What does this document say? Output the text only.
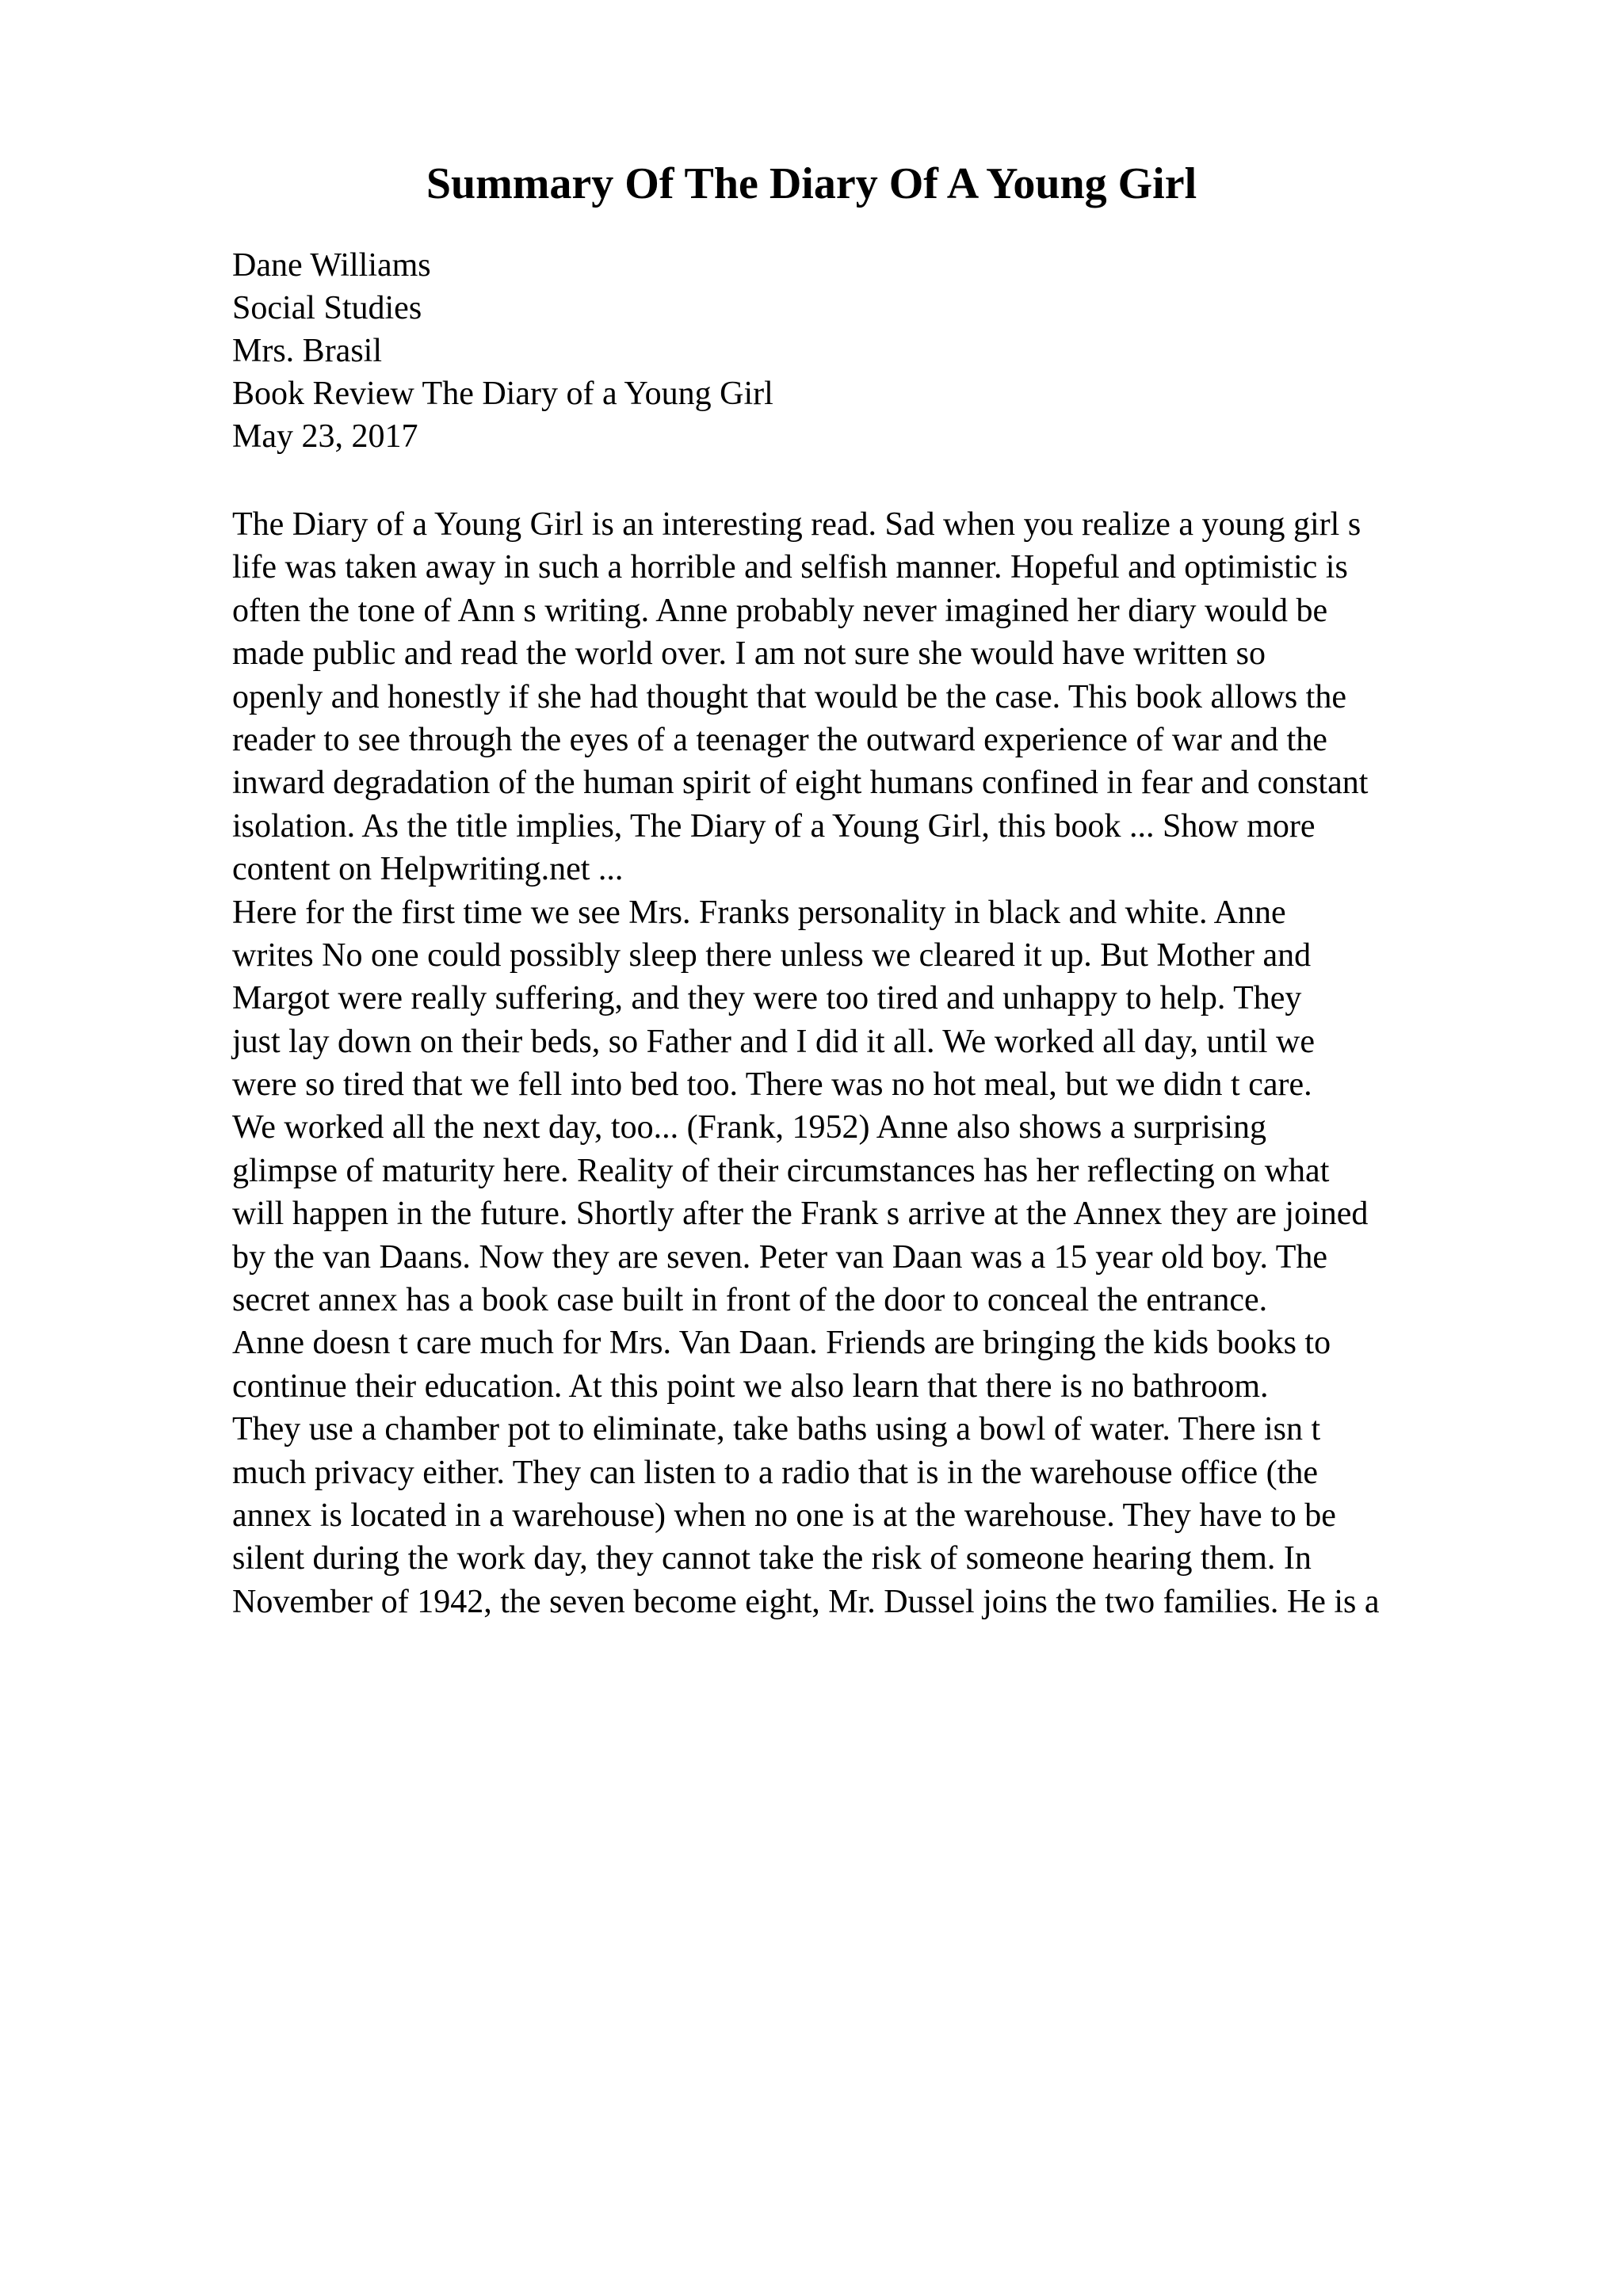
Summary Of The Diary Of A Young Girl
Dane Williams
Social Studies
Mrs. Brasil
Book Review The Diary of a Young Girl
May 23, 2017
The Diary of a Young Girl is an interesting read. Sad when you realize a young girl s
life was taken away in such a horrible and selfish manner. Hopeful and optimistic is
often the tone of Ann s writing. Anne probably never imagined her diary would be
made public and read the world over. I am not sure she would have written so
openly and honestly if she had thought that would be the case. This book allows the
reader to see through the eyes of a teenager the outward experience of war and the
inward degradation of the human spirit of eight humans confined in fear and constant
isolation. As the title implies, The Diary of a Young Girl, this book ... Show more
content on Helpwriting.net ...
Here for the first time we see Mrs. Franks personality in black and white. Anne
writes No one could possibly sleep there unless we cleared it up. But Mother and
Margot were really suffering, and they were too tired and unhappy to help. They
just lay down on their beds, so Father and I did it all. We worked all day, until we
were so tired that we fell into bed too. There was no hot meal, but we didn t care.
We worked all the next day, too... (Frank, 1952) Anne also shows a surprising
glimpse of maturity here. Reality of their circumstances has her reflecting on what
will happen in the future. Shortly after the Frank s arrive at the Annex they are joined
by the van Daans. Now they are seven. Peter van Daan was a 15 year old boy. The
secret annex has a book case built in front of the door to conceal the entrance.
Anne doesn t care much for Mrs. Van Daan. Friends are bringing the kids books to
continue their education. At this point we also learn that there is no bathroom.
They use a chamber pot to eliminate, take baths using a bowl of water. There isn t
much privacy either. They can listen to a radio that is in the warehouse office (the
annex is located in a warehouse) when no one is at the warehouse. They have to be
silent during the work day, they cannot take the risk of someone hearing them. In
November of 1942, the seven become eight, Mr. Dussel joins the two families. He is a
